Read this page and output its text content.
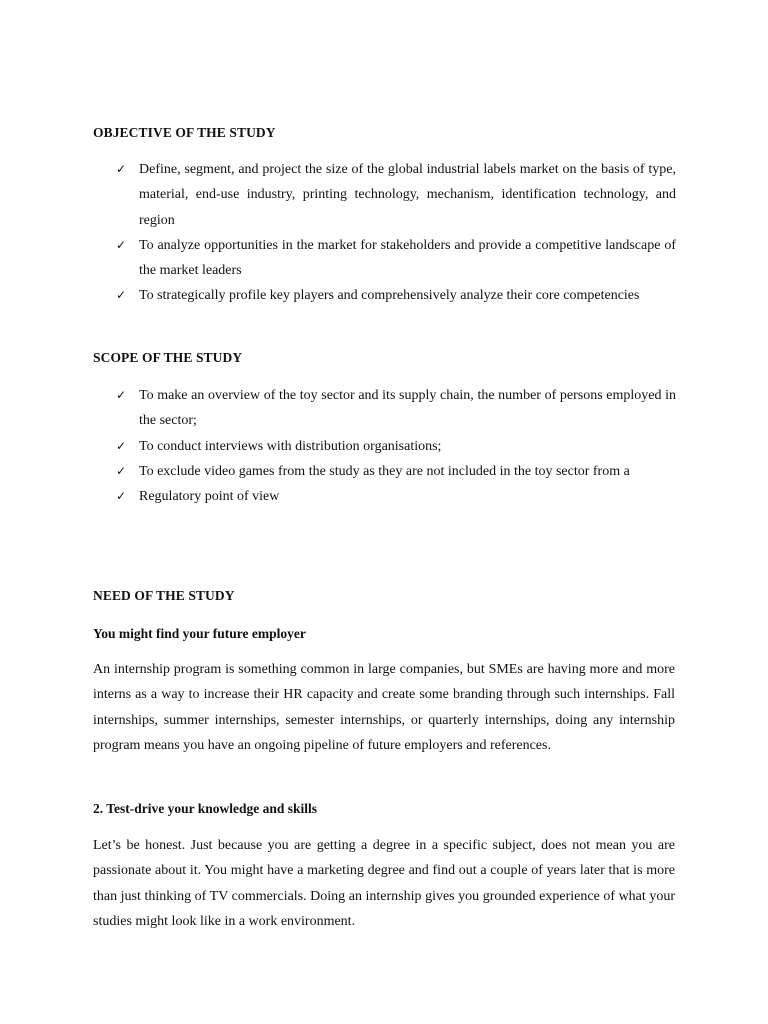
OBJECTIVE OF THE STUDY
✓ Define, segment, and project the size of the global industrial labels market on the basis of type, material, end-use industry, printing technology, mechanism, identification technology, and region
✓ To analyze opportunities in the market for stakeholders and provide a competitive landscape of the market leaders
✓ To strategically profile key players and comprehensively analyze their core competencies
SCOPE OF THE STUDY
✓ To make an overview of the toy sector and its supply chain, the number of persons employed in the sector;
✓ To conduct interviews with distribution organisations;
✓ To exclude video games from the study as they are not included in the toy sector from a
✓ Regulatory point of view
NEED OF THE STUDY
You might find your future employer

An internship program is something common in large companies, but SMEs are having more and more interns as a way to increase their HR capacity and create some branding through such internships. Fall internships, summer internships, semester internships, or quarterly internships, doing any internship program means you have an ongoing pipeline of future employers and references.

2. Test-drive your knowledge and skills

Let’s be honest. Just because you are getting a degree in a specific subject, does not mean you are passionate about it. You might have a marketing degree and find out a couple of years later that is more than just thinking of TV commercials. Doing an internship gives you grounded experience of what your studies might look like in a work environment.
